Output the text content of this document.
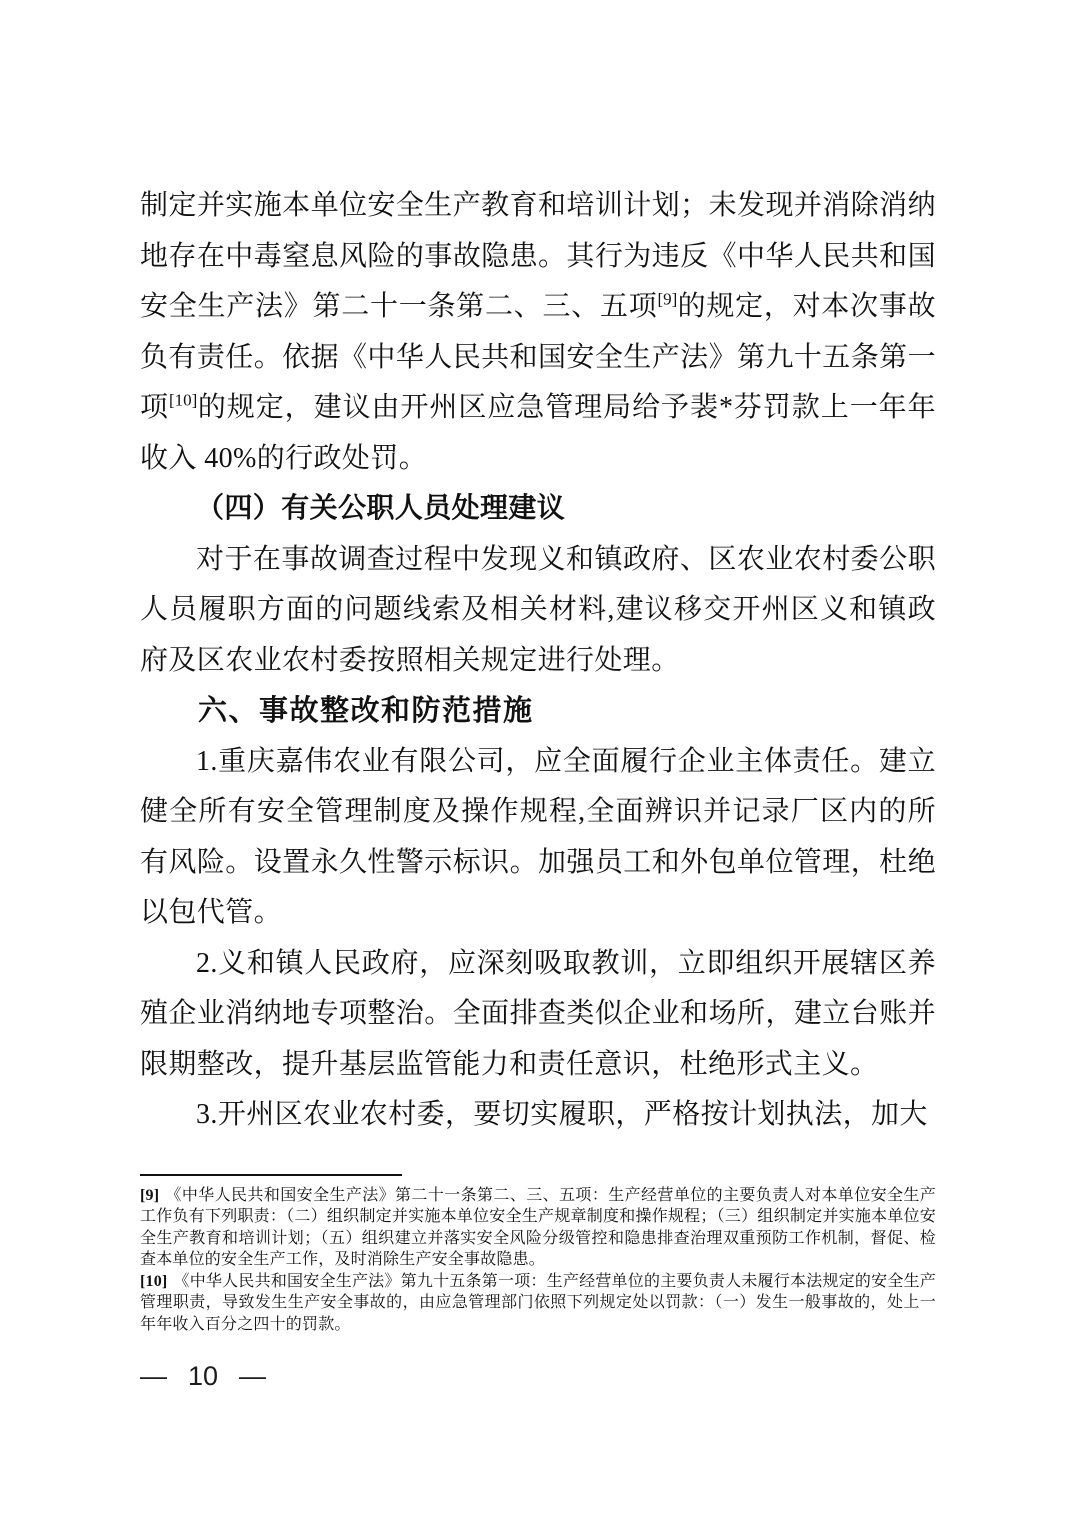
制定并实施本单位安全生产教育和培训计划；未发现并消除消纳地存在中毒窒息风险的事故隐患。其行为违反《中华人民共和国安全生产法》第二十一条第二、三、五项[9]的规定，对本次事故负有责任。依据《中华人民共和国安全生产法》第九十五条第一项[10]的规定，建议由开州区应急管理局给予裴*芬罚款上一年年收入 40%的行政处罚。

（四）有关公职人员处理建议

对于在事故调查过程中发现义和镇政府、区农业农村委公职人员履职方面的问题线索及相关材料,建议移交开州区义和镇政府及区农业农村委按照相关规定进行处理。

六、事故整改和防范措施

1.重庆嘉伟农业有限公司，应全面履行企业主体责任。建立健全所有安全管理制度及操作规程,全面辨识并记录厂区内的所有风险。设置永久性警示标识。加强员工和外包单位管理，杜绝以包代管。

2.义和镇人民政府，应深刻吸取教训，立即组织开展辖区养殖企业消纳地专项整治。全面排查类似企业和场所，建立台账并限期整改，提升基层监管能力和责任意识，杜绝形式主义。

3.开州区农业农村委，要切实履职，严格按计划执法，加大

[9] 《中华人民共和国安全生产法》第二十一条第二、三、五项：生产经营单位的主要负责人对本单位安全生产工作负有下列职责：（二）组织制定并实施本单位安全生产规章制度和操作规程；（三）组织制定并实施本单位安全生产教育和培训计划；（五）组织建立并落实安全风险分级管控和隐患排查治理双重预防工作机制，督促、检查本单位的安全生产工作，及时消除生产安全事故隐患。

[10] 《中华人民共和国安全生产法》第九十五条第一项：生产经营单位的主要负责人未履行本法规定的安全生产管理职责，导致发生生产安全事故的，由应急管理部门依照下列规定处以罚款：（一）发生一般事故的，处上一年年收入百分之四十的罚款。

— 10 —
